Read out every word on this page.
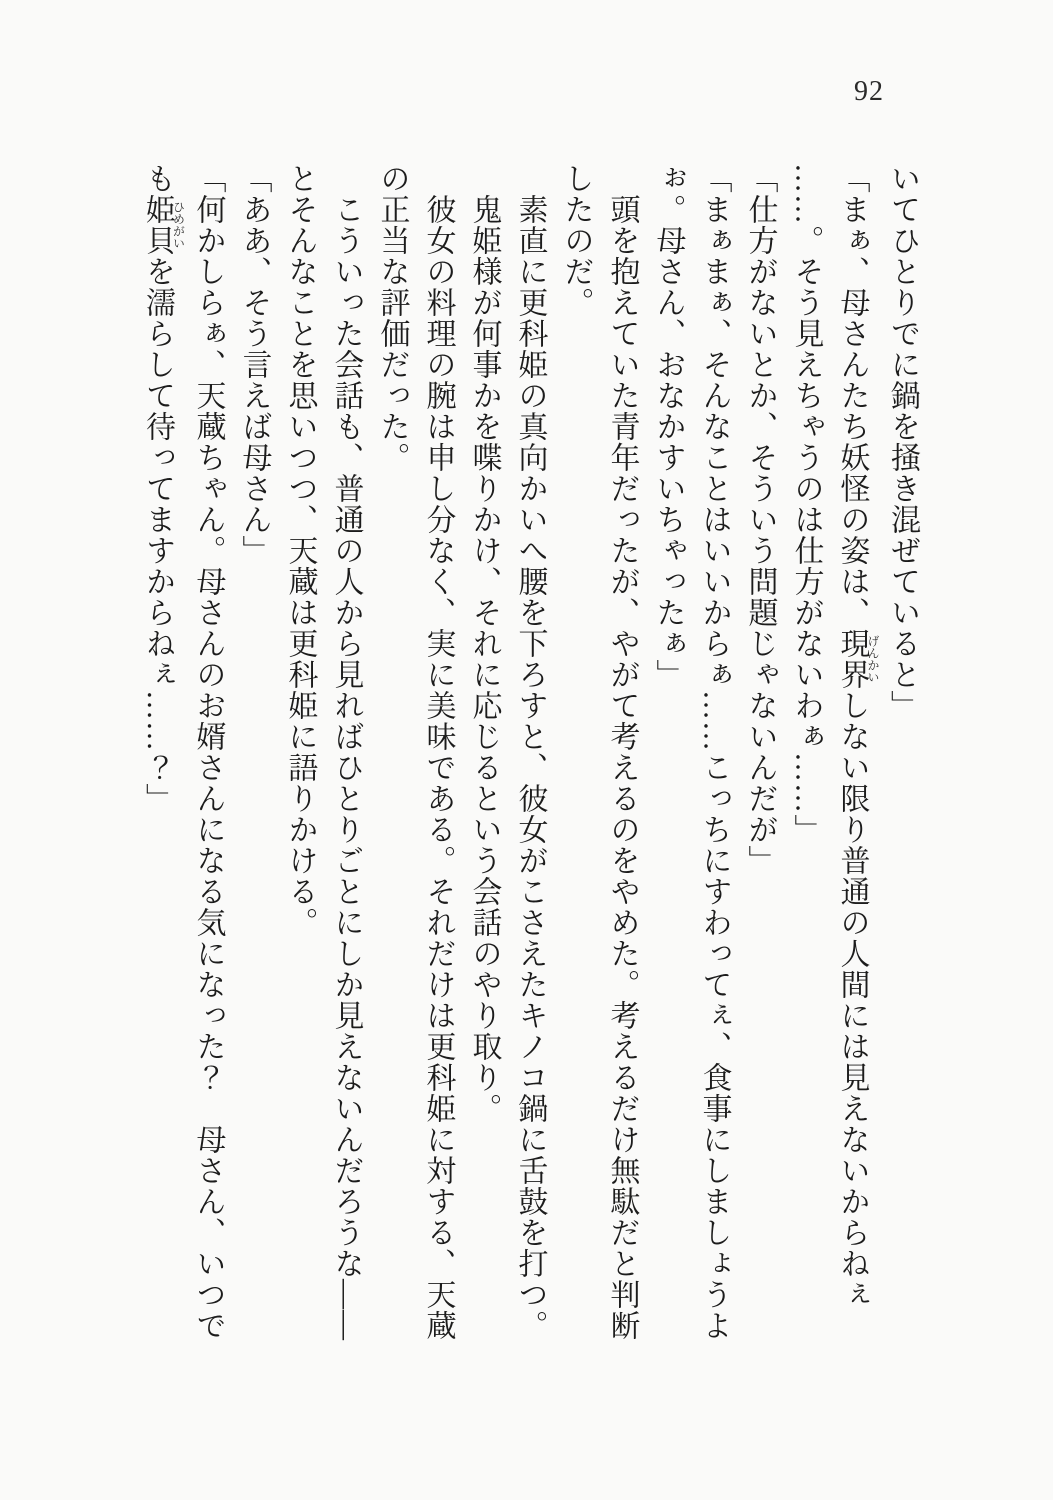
92

いてひとりでに鍋を掻き混ぜていると」

「まぁ、母さんたち妖怪の姿は、現界げんかいしない限り普通の人間には見えないからねぇ

……。そう見えちゃうのは仕方がないわぁ……」

「仕方がないとか、そういう問題じゃないんだが」

「まぁまぁ、そんなことはいいからぁ……こっちにすわってぇ、食事にしましょうよ

ぉ。母さん、おなかすいちゃったぁ」

　頭を抱えていた青年だったが、やがて考えるのをやめた。考えるだけ無駄だと判断

したのだ。

　素直に更科姫の真向かいへ腰を下ろすと、彼女がこさえたキノコ鍋に舌鼓を打つ。

　鬼姫様が何事かを喋りかけ、それに応じるという会話のやり取り。

　彼女の料理の腕は申し分なく、実に美味である。それだけは更科姫に対する、天蔵

の正当な評価だった。

　こういった会話も、普通の人から見ればひとりごとにしか見えないんだろうな――

とそんなことを思いつつ、天蔵は更科姫に語りかける。

「ああ、そう言えば母さん」

「何かしらぁ、天蔵ちゃん。母さんのお婿さんになる気になった？　母さん、いつで

も姫貝ひめがいを濡らして待ってますからねぇ……？」
